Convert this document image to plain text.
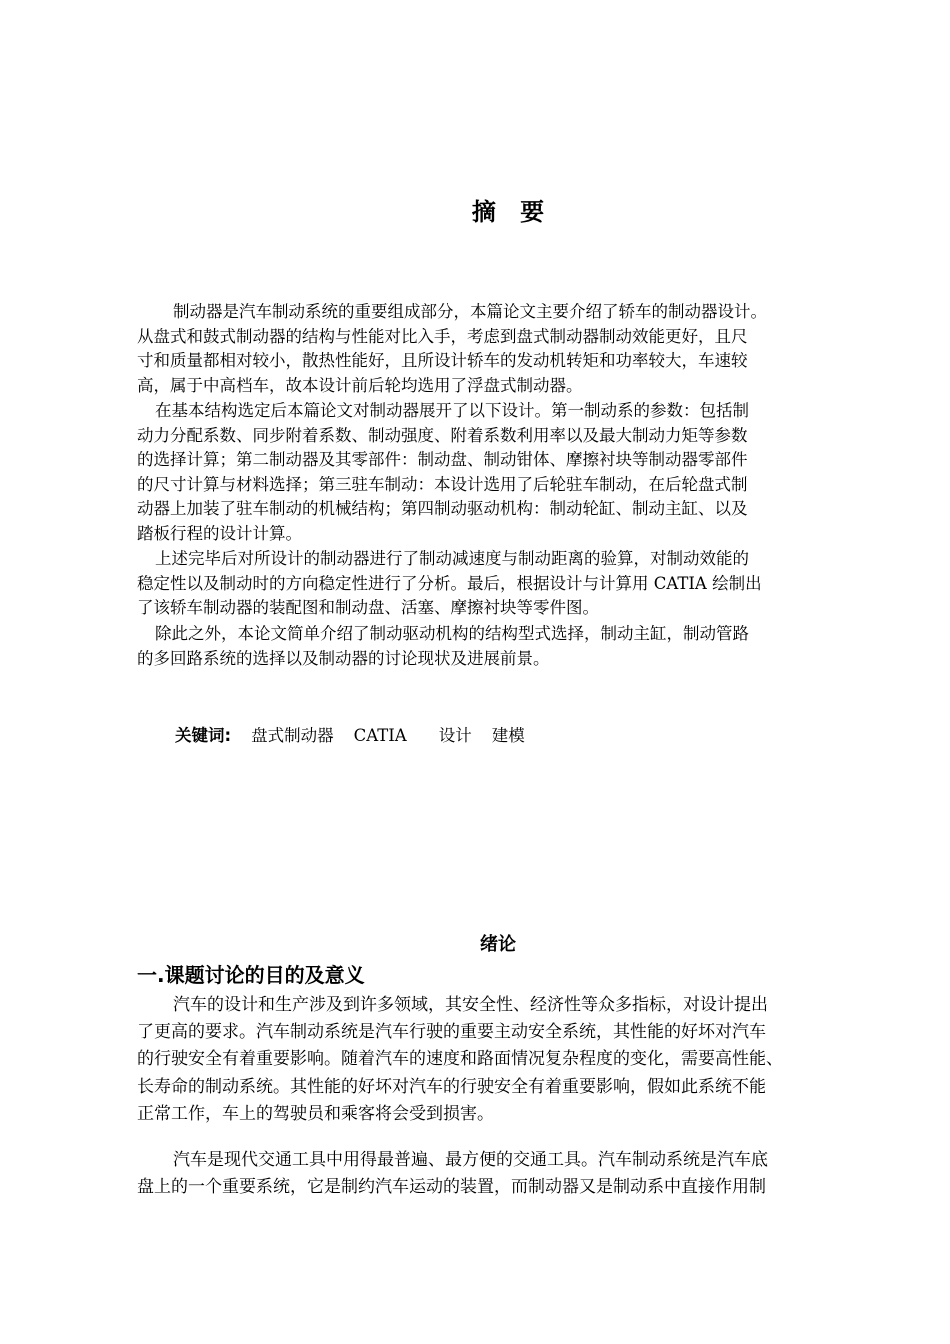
摘 要
制动器是汽车制动系统的重要组成部分，本篇论文主要介绍了轿车的制动器设计。
从盘式和鼓式制动器的结构与性能对比入手，考虑到盘式制动器制动效能更好，且尺
寸和质量都相对较小，散热性能好，且所设计轿车的发动机转矩和功率较大，车速较
高，属于中高档车，故本设计前后轮均选用了浮盘式制动器。
在基本结构选定后本篇论文对制动器展开了以下设计。第一制动系的参数：包括制
动力分配系数、同步附着系数、制动强度、附着系数利用率以及最大制动力矩等参数
的选择计算；第二制动器及其零部件：制动盘、制动钳体、摩擦衬块等制动器零部件
的尺寸计算与材料选择；第三驻车制动：本设计选用了后轮驻车制动，在后轮盘式制
动器上加装了驻车制动的机械结构；第四制动驱动机构：制动轮缸、制动主缸、以及
踏板行程的设计计算。
上述完毕后对所设计的制动器进行了制动减速度与制动距离的验算，对制动效能的
稳定性以及制动时的方向稳定性进行了分析。最后，根据设计与计算用 CATIA 绘制出
了该轿车制动器的装配图和制动盘、活塞、摩擦衬块等零件图。
除此之外，本论文简单介绍了制动驱动机构的结构型式选择，制动主缸，制动管路
的多回路系统的选择以及制动器的讨论现状及进展前景。
关键词: 盘式制动器 CATIA 设计 建模
绪论
一.课题讨论的目的及意义
汽车的设计和生产涉及到许多领域，其安全性、经济性等众多指标，对设计提出
了更高的要求。汽车制动系统是汽车行驶的重要主动安全系统，其性能的好坏对汽车
的行驶安全有着重要影响。随着汽车的速度和路面情况复杂程度的变化，需要高性能、
长寿命的制动系统。其性能的好坏对汽车的行驶安全有着重要影响，假如此系统不能
正常工作，车上的驾驶员和乘客将会受到损害。
汽车是现代交通工具中用得最普遍、最方便的交通工具。汽车制动系统是汽车底
盘上的一个重要系统，它是制约汽车运动的装置，而制动器又是制动系中直接作用制
